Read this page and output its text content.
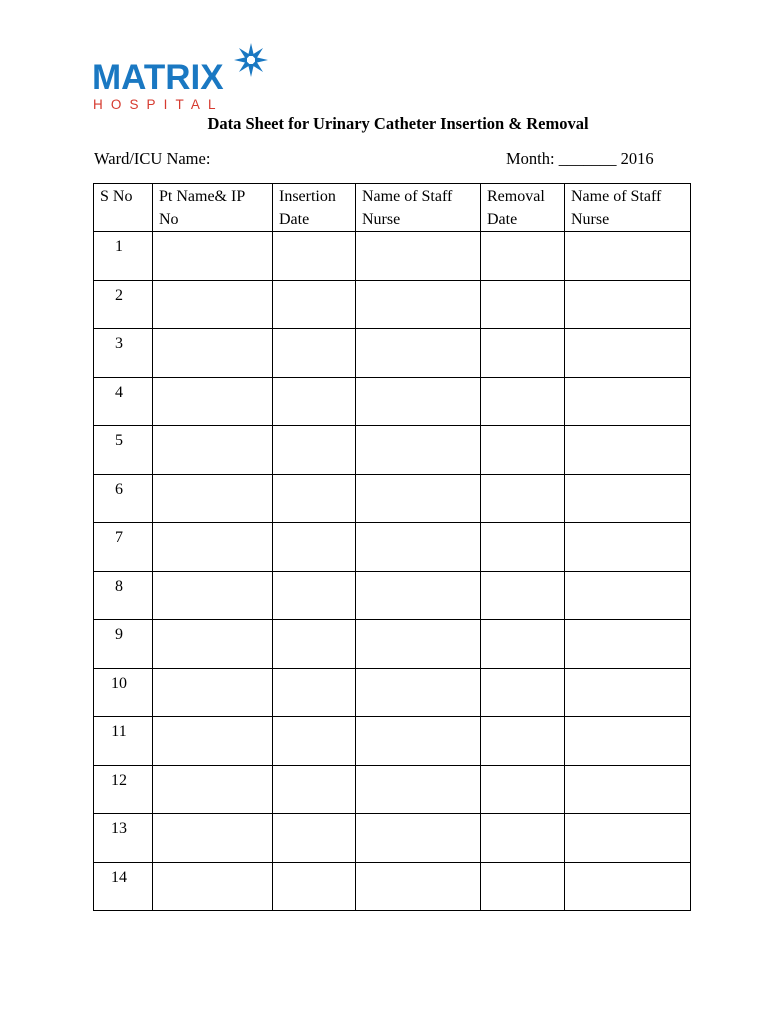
MATRIX
HOSPITAL
Data Sheet for Urinary Catheter Insertion & Removal
Ward/ICU Name:	Month: _______ 2016
S No	Pt Name& IP No	Insertion Date	Name of Staff Nurse	Removal Date	Name of Staff Nurse
1					
2					
3					
4					
5					
6					
7					
8					
9					
10					
11					
12					
13					
14					
